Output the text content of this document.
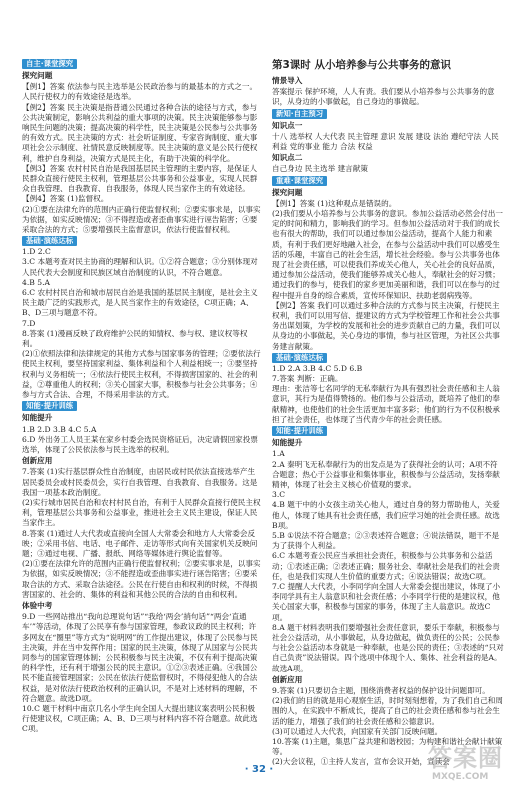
自主·课堂探究
探究问题

【例1】答案 依法参与民主选举是公民政治参与的最基本的方式之一。人民行使权力的有效途径是选举。

【例2】答案 民主决策是指普通公民通过各种合法的途径与方式，参与公共决策制定，影响公共利益的重大事项的决策。民主决策能够参与影响民生问题的决策；提高决策的科学性，民主决策是公民参与公共事务的有效方式。民主决策的方式：社会听证制度、专家咨询制度、重大事项社会公示制度、社情民意反映制度等。民主决策的意义是公民行使权利，维护自身利益，决策方式是民主化，有助于决策的科学化。

【例3】答案 农村村民自治是我国基层民主管理的主要内容，是保证人民群众直接行使民主权利，管理基层公共事务和公益事业，实现人民群众自我管理、自我教育、自我服务，体现人民当家作主的有效途径。

【例4】答案 (1)监督权。

(2)①要在法律允许的范围内正确行使监督权利；②要实事求是，以事实为依据，如实反映情况；③不得捏造或者歪曲事实进行诬告陷害；④要采取合法的方式；⑤要增强民主监督意识，依法行使监督权利。

基础·演练达标

1.D 2.C

3.C 本题考查对民主协商的理解和认识。①②符合题意；③分别体现对人民代表大会制度和民族区域自治制度的认识，不符合题意。

4.B 5.A

6.C 农村村民自治和城市居民自治是我国的基层民主制度，是社会主义民主最广泛的实践形式，是人民当家作主的有效途径，C项正确；A、B、D三项与题意不符。

7.D

8.答案 (1)漫画反映了政府维护公民的知情权、参与权、建议权等权利。

(2)①依照法律和法律规定的其他方式参与国家事务的管理；②要依法行使民主权利，要坚持国家利益、集体利益和个人利益相统一；③要坚持权利与义务相统一；④依法行使民主权利，不得损害国家的、社会的利益，②尊重他人的权利；③关心国家大事，积极参与社会公共事务；④参与方式合法、合理，不得采用非法的方式。

知能·提升训练
知能提升

1.B 2.D 3.B 4.C 5.A

6.D 外出务工人员王某在家乡村委会选民资格证后，决定请假回家投票选举，体现了公民依法参与民主选举的权利。

创新应用

7.答案 (1)实行基层群众性自治制度，由居民或村民依法直接选举产生居民委员会或村民委员会，实行自我管理、自我教育、自我服务。这是我国一项基本政治制度。

(2)实行城市居民自治和农村村民自治，有利于人民群众直接行使民主权利，管理基层公共事务和公益事业，推进社会主义民主建设，保证人民当家作主。

8.答案 (1)通过人大代表或直接向全国人大常委会和地方人大常委会反映；②采用书信、电话、电子邮件、走访等形式向有关国家机关反映问题；③通过电视、广播、报纸、网络等媒体进行舆论监督等。

(2)①要在法律允许的范围内正确行使监督权利；②要实事求是，以事实为依据，如实反映情况；③不能捏造或歪曲事实进行诬告陷害；④要采取合法的方式、采取合法途径。公民在行使自由和权利的时候，不得损害国家的、社会的、集体的利益和其他公民的合法的自由和权利。

体验中考

9.D 一些网站推出“我向总理说句话”“我给‘两会’捎句话”“两会‘直通车’”等活动，体现了公民享有参与国家管理，参政议政的民主权利；许多网友在“圈里”等方式为“说明网”的工作提出建议，体现了公民参与民主决策，并在当中发挥作用；国家的民主决策，体现了从国家与公民共同参与的国家管理体制；公民积极参与民主决策，不仅有利于提高决策的科学性，还有利于增强公民的民主意识。①②③表述正确。④我国公民不能直接管理国家；公民在依法行使监督权时，不得侵犯他人的合法权益，是对依法行使政治权利的正确认识，不是对上述材料的理解，不符合题意。故选D项。

10.C 题干材料中南京几名小学生向全国人大提出建议案表明公民积极行使建议权，C项正确；A、B、D三项与材料内容不符合题意。故此选C项。

第3课时 从小培养参与公共事务的意识
情景导入

答案提示 保护环境，人人有责。我们要从小培养参与公共事务的意识，从身边的小事做起，自己身边的事做起。

新知·自主预习
知识点一

十八 选举权 人大代表 民主管理 意识 发展 建设 法治 遵纪守法 人民利益 党的事业 能力 合法 权益

知识点二

自己身边 民主选举 建言献策

重难·课堂探究
探究问题

【例1】答案 (1)这种观点是错误的。

(2)我们要从小培养参与公共事务的意识。参加公益活动必然会付出一定的时间和精力，影响我们的学习。但参加公益活动对于我们的成长也有很大的帮助，我们可以通过参加公益活动，提高个人能力和素质，有利于我们更好地融入社会，在参与公益活动中我们可以感受生活的乐趣，丰富自己的社会生活，增长社会经验。参与公共事务也体现了社会责任感，可以使我们养成关心他人，关心社会的良好品质，通过参加公益活动，使我们能够养成关心他人，奉献社会的好习惯；通过我们的参与，使我们的家乡更加美丽和谐，我们可以在参与的过程中提升自身的综合素质，宣传环保知识、扶助老弱病残等。

【例2】答案 我们可以通过多种合法的方式参与民主决策，行使民主权利，我们可以用写信、提建议的方式为学校管理工作和社会公共事务出谋划策，为学校的发展和社会的进步贡献自己的力量，我们可以从身边的小事做起，关心身边的事情，参与社区管理，为社区公共事务建言献策。

基础·演练达标

1.D 2.A 3.B 4.C 5.D 6.B

7.答案 判断：正确。

理由：张洁等七名同学的无私奉献行为具有强烈社会责任感和主人翁意识，其行为是值得赞扬的。他们参与公益活动，既培养了他们的奉献精神，也使他们的社会生活更加丰富多彩；他们的行为不仅积极承担了社会责任，也体现了当代青少年的社会责任感。

知能·提升训练
知能提升

1.A

2.A 秦明飞无私奉献行为的出发点是为了获得社会的认可；A项不符合题意；热心于公益事业和集体事业，积极参与公益活动，发扬奉献精神，体现了社会主义核心价值观的要求。

3.C

4.B 题干中的小女孩主动关心他人，通过自身的努力帮助他人，关爱他人，体现了她具有社会责任感，我们应学习她的社会责任感。故选B项。

5.B ①说法不符合题意；②③表述符合题意；④说法错误，题干不是为了获得个人利益。

6.C 本题考查公民应当承担社会责任，积极参与公共事务和公益活动；①表述正确；②表述正确；服务社会、奉献社会是我们的社会责任，也是我们实现人生价值的重要方式；④说法错误；故选C项。

7.C 提醒人大代表，小李同学向全国人大常委会提出建议，体现了小李同学具有主人翁意识和社会责任感；小李同学行使的是建议权，他关心国家大事，积极参与国家的事务，体现了主人翁意识。故选C项。

8.A 题干材料表明我们要增强社会责任意识，要乐于奉献，积极参与社会公益活动，从小事做起，从身边做起，做负责任的公民；公民参与社会公益活动本身就是一种奉献，也是公民的责任；③表述的“只对自己负责”说法错误。四个选项中体现个人、集体、社会利益的是A。故选A项。

创新应用

9.答案 (1)只要切合主题，围绕消费者权益的保护设计问题即可。

(2)我们的目的就是用心观察生活，时时刻刻想着，为了我们自己和周围的人，在实践中不断成长，提高了自己的社会责任感和参与社会生活的能力，增强了我们的社会责任感和公德意识。

(3)可以通过人大代表，向国家有关部门反映问题。

10.答案 (1)主题，集思广益共建和谐校园；为构建和谐社会献计献策等。

(2)大会议程，①主持人发言，宣布会议开始，宣读会

· 32 ·	答案圈
MXQE.COM
